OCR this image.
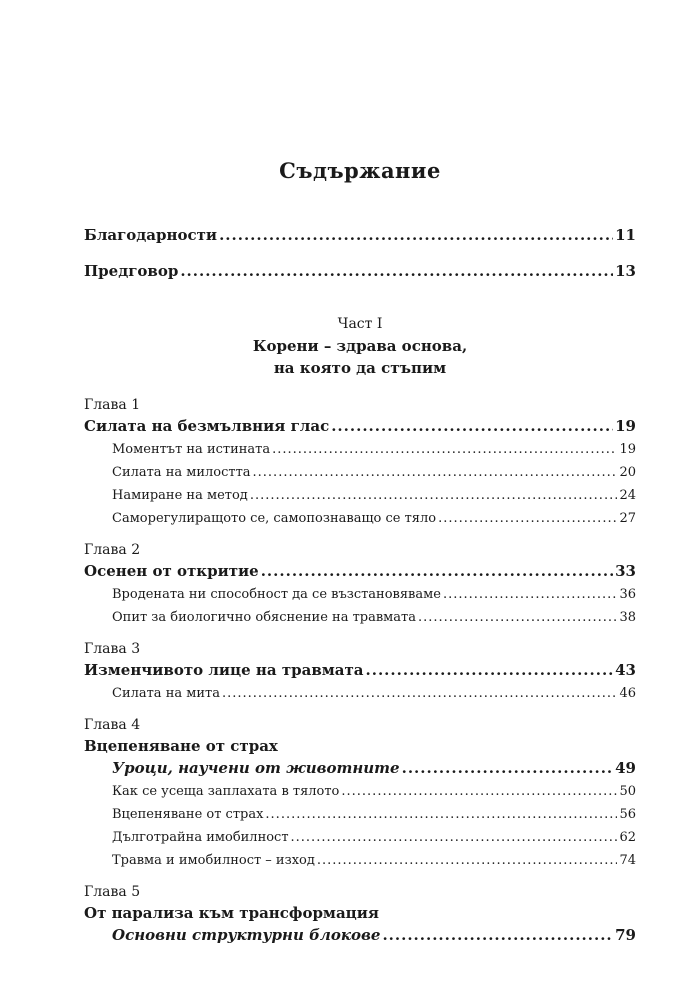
Съдържание
Благодарности .....	11
Предговор .....	13
Част I
Корени – здрава основа,
на която да стъпим
Глава 1
Силата на безмълвния глас .....	19
Моментът на истината .....	19
Силата на милостта .....	20
Намиране на метод .....	24
Саморегулиращото се, самопознаващо се тяло .....	27
Глава 2
Осенен от откритие .....	33
Вроденaта ни способност да се възстановяваме .....	36
Опит за биологично обяснение на травмата .....	38
Глава 3
Изменчивото лице на травмата .....	43
Силата на мита .....	46
Глава 4
Вцепеняване от страх
Уроци, научени от животните .....	49
Как се усеща заплахата в тялото .....	50
Вцепеняване от страх .....	56
Дълготрайна имобилност .....	62
Травма и имобилност – изход .....	74
Глава 5
От парализа към трансформация
Основни структурни блокове .....	79
